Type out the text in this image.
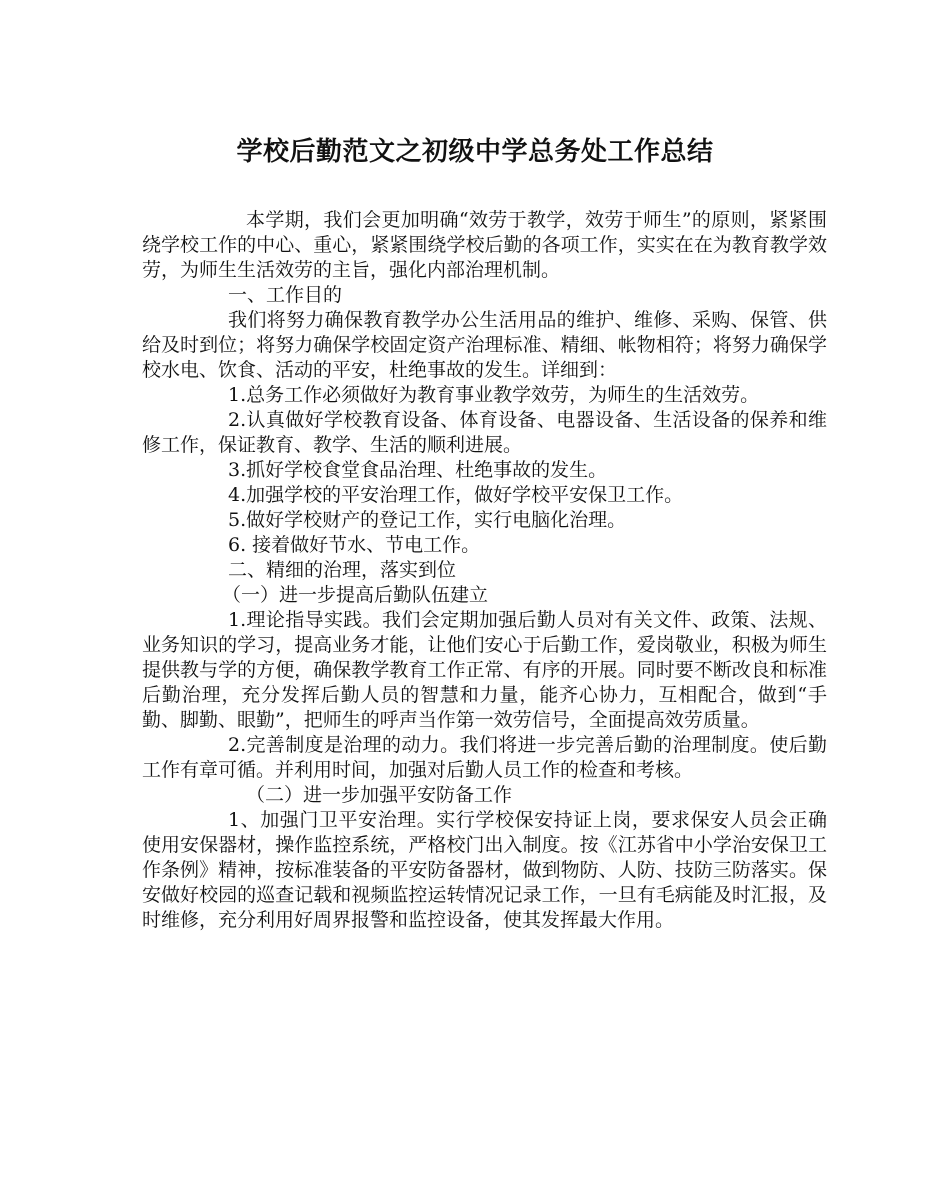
学校后勤范文之初级中学总务处工作总结

本学期，我们会更加明确“效劳于教学，效劳于师生”的原则，紧紧围绕学校工作的中心、重心，紧紧围绕学校后勤的各项工作，实实在在为教育教学效劳，为师生生活效劳的主旨，强化内部治理机制。

一、工作目的

我们将努力确保教育教学办公生活用品的维护、维修、采购、保管、供给及时到位；将努力确保学校固定资产治理标准、精细、帐物相符；将努力确保学校水电、饮食、活动的平安，杜绝事故的发生。详细到：

1.总务工作必须做好为教育事业教学效劳，为师生的生活效劳。

2.认真做好学校教育设备、体育设备、电器设备、生活设备的保养和维修工作，保证教育、教学、生活的顺利进展。

3.抓好学校食堂食品治理、杜绝事故的发生。

4.加强学校的平安治理工作，做好学校平安保卫工作。

5.做好学校财产的登记工作，实行电脑化治理。

6. 接着做好节水、节电工作。

二、精细的治理，落实到位

（一）进一步提高后勤队伍建立

1.理论指导实践。我们会定期加强后勤人员对有关文件、政策、法规、业务知识的学习，提高业务才能，让他们安心于后勤工作，爱岗敬业，积极为师生提供教与学的方便，确保教学教育工作正常、有序的开展。同时要不断改良和标准后勤治理，充分发挥后勤人员的智慧和力量，能齐心协力，互相配合，做到“手勤、脚勤、眼勤”，把师生的呼声当作第一效劳信号，全面提高效劳质量。

2.完善制度是治理的动力。我们将进一步完善后勤的治理制度。使后勤工作有章可循。并利用时间，加强对后勤人员工作的检查和考核。

（二）进一步加强平安防备工作

1、加强门卫平安治理。实行学校保安持证上岗，要求保安人员会正确使用安保器材，操作监控系统，严格校门出入制度。按《江苏省中小学治安保卫工作条例》精神，按标准装备的平安防备器材，做到物防、人防、技防三防落实。保安做好校园的巡查记载和视频监控运转情况记录工作，一旦有毛病能及时汇报，及时维修，充分利用好周界报警和监控设备，使其发挥最大作用。
